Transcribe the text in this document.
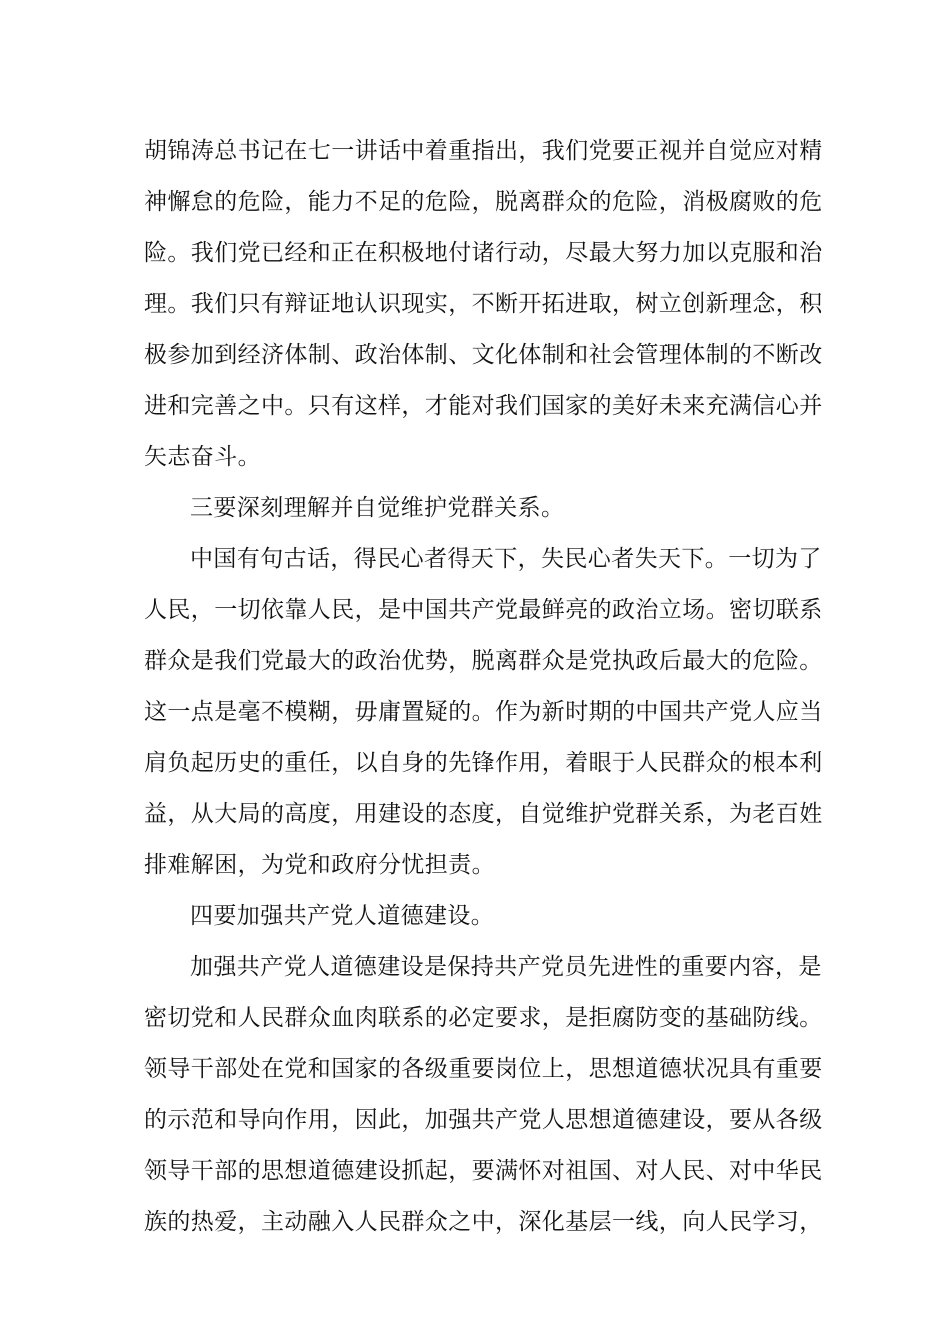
胡锦涛总书记在七一讲话中着重指出，我们党要正视并自觉应对精
神懈怠的危险，能力不足的危险，脱离群众的危险，消极腐败的危
险。我们党已经和正在积极地付诸行动，尽最大努力加以克服和治
理。我们只有辩证地认识现实，不断开拓进取，树立创新理念，积
极参加到经济体制、政治体制、文化体制和社会管理体制的不断改
进和完善之中。只有这样，才能对我们国家的美好未来充满信心并
矢志奋斗。
三要深刻理解并自觉维护党群关系。
中国有句古话，得民心者得天下，失民心者失天下。一切为了
人民，一切依靠人民，是中国共产党最鲜亮的政治立场。密切联系
群众是我们党最大的政治优势，脱离群众是党执政后最大的危险。
这一点是毫不模糊，毋庸置疑的。作为新时期的中国共产党人应当
肩负起历史的重任，以自身的先锋作用，着眼于人民群众的根本利
益，从大局的高度，用建设的态度，自觉维护党群关系，为老百姓
排难解困，为党和政府分忧担责。
四要加强共产党人道德建设。
加强共产党人道德建设是保持共产党员先进性的重要内容，是
密切党和人民群众血肉联系的必定要求，是拒腐防变的基础防线。
领导干部处在党和国家的各级重要岗位上，思想道德状况具有重要
的示范和导向作用，因此，加强共产党人思想道德建设，要从各级
领导干部的思想道德建设抓起，要满怀对祖国、对人民、对中华民
族的热爱，主动融入人民群众之中，深化基层一线，向人民学习，
